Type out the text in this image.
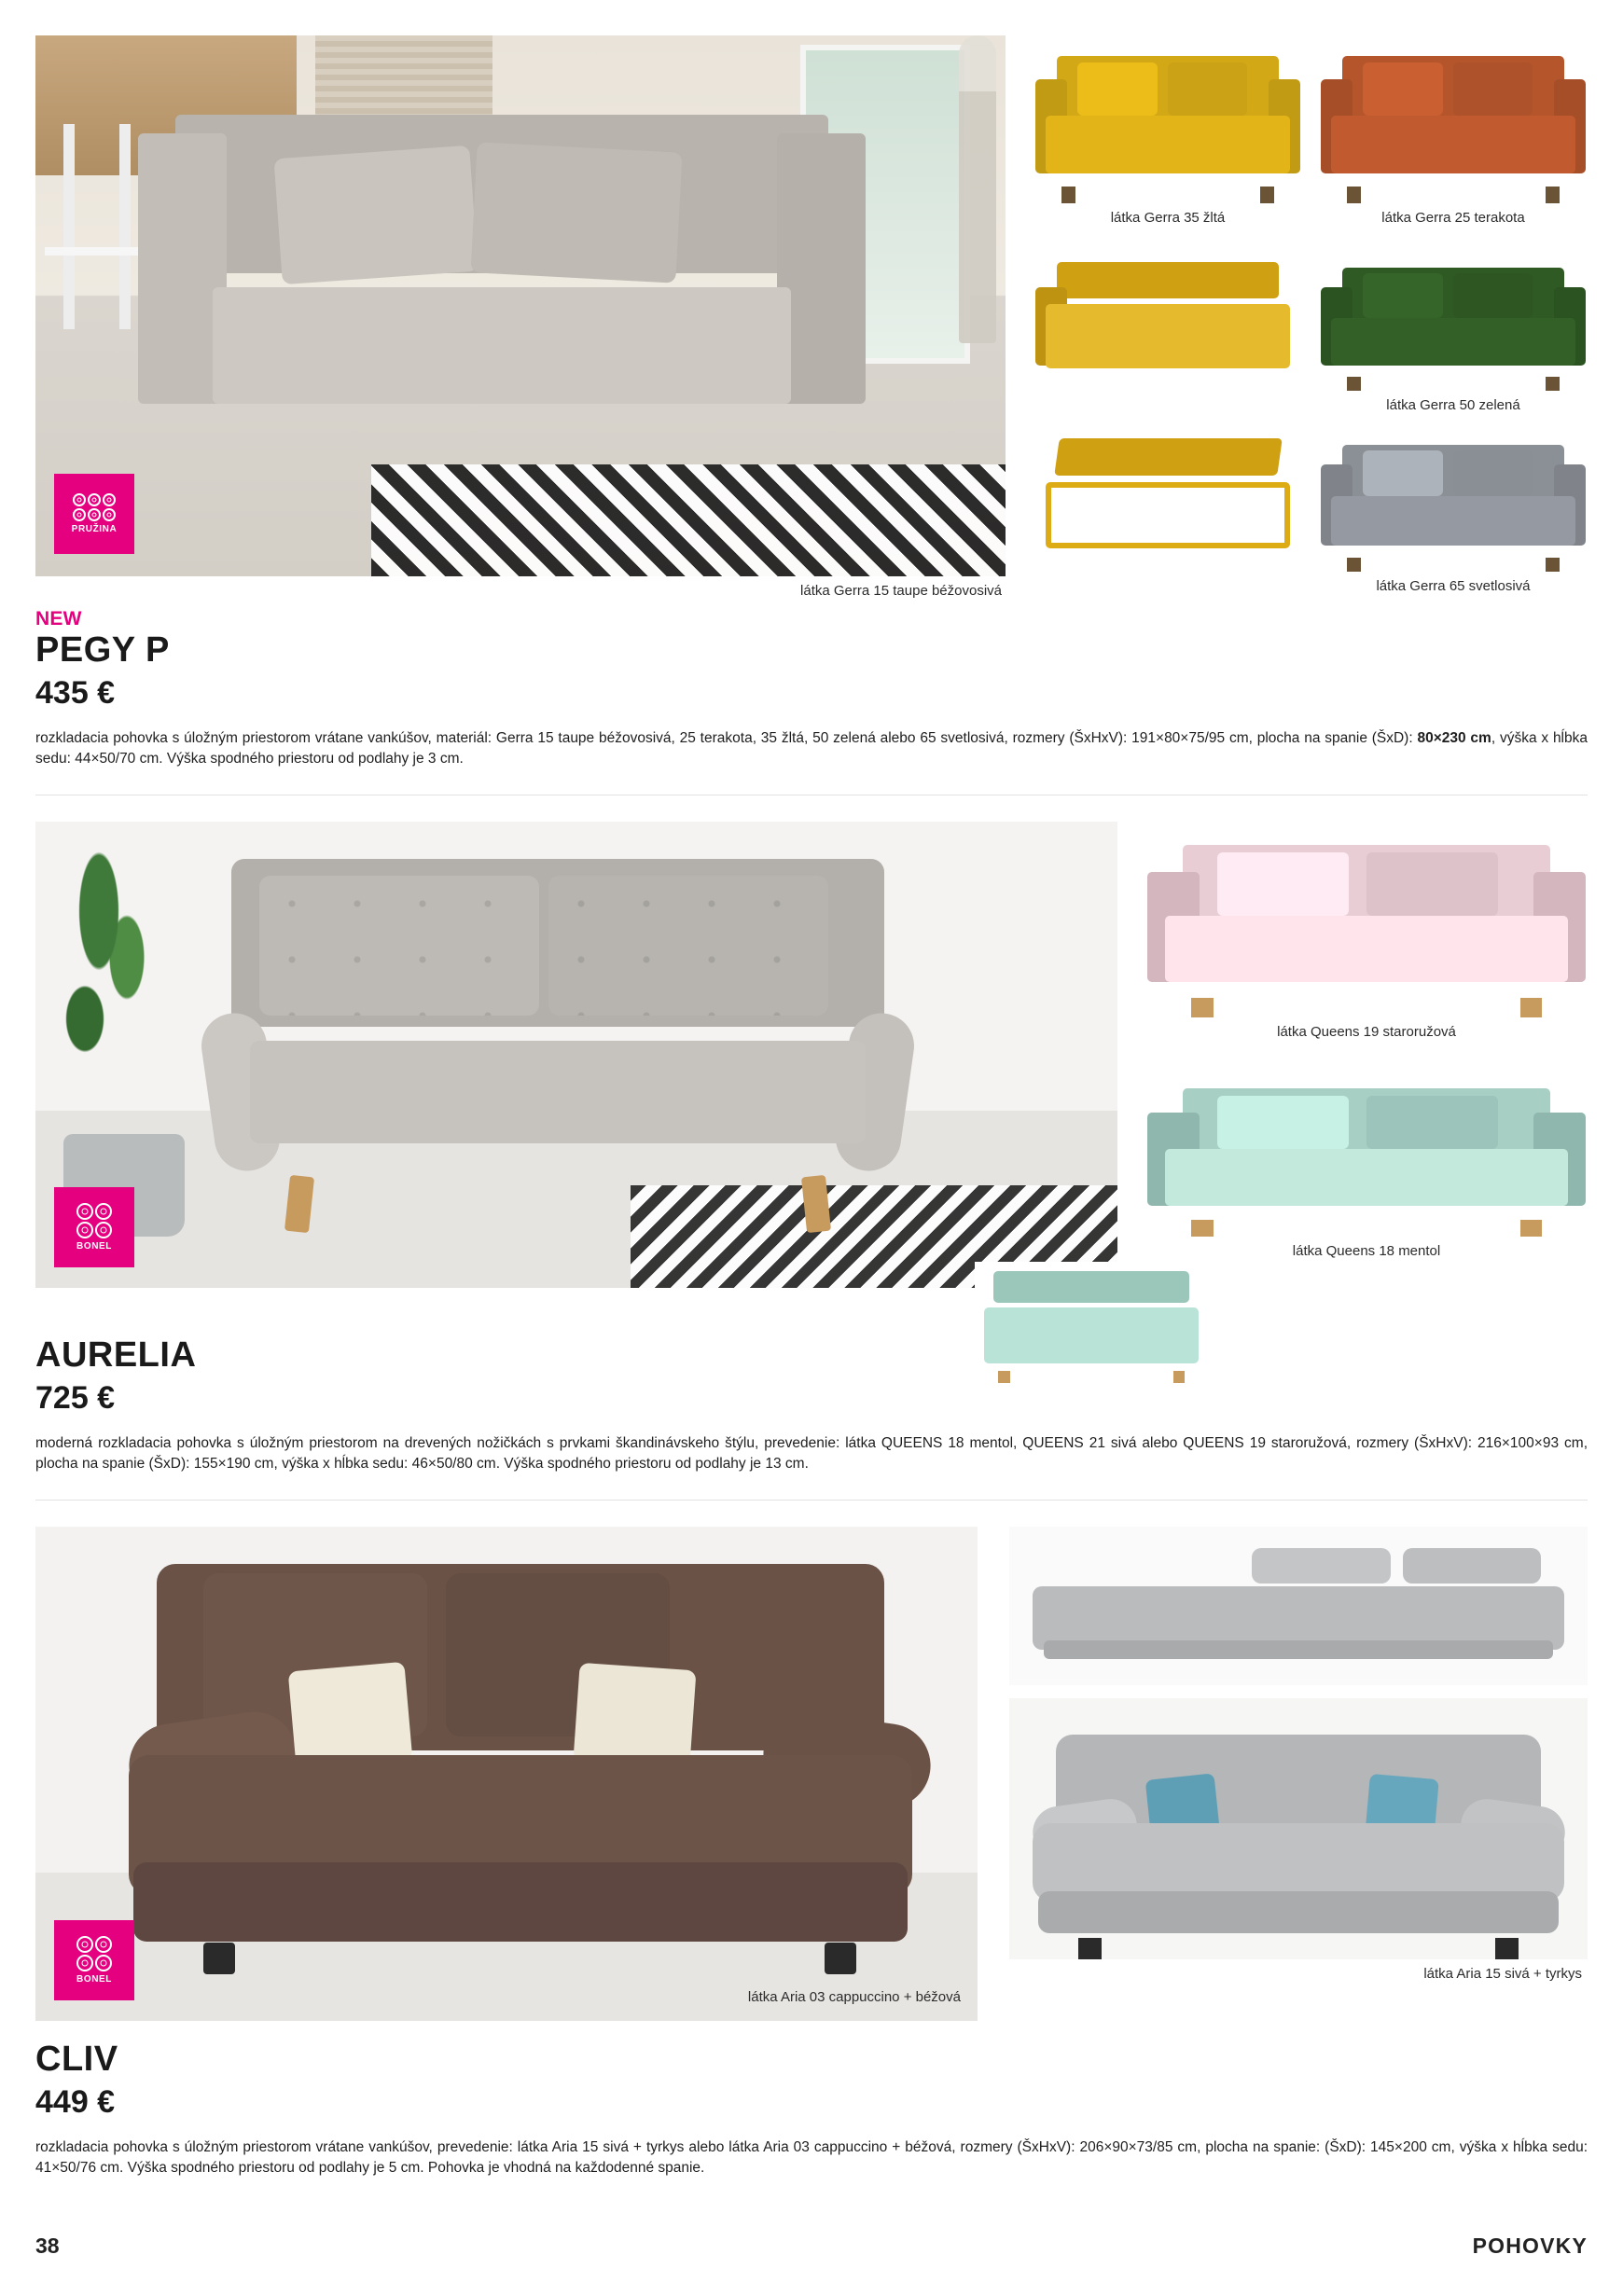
PRUŽINA
látka Gerra 15 taupe béžovosivá
látka Gerra 35 žltá	látka Gerra 25 terakota
látka Gerra 50 zelená
látka Gerra 65 svetlosivá
NEW
PEGY P
435 €
rozkladacia pohovka s úložným priestorom vrátane vankúšov, materiál: Gerra 15 taupe béžovosivá, 25 terakota, 35 žltá, 50 zelená alebo 65 svetlosivá, rozmery (ŠxHxV): 191×80×75/95 cm, plocha na spanie (ŠxD): 80×230 cm, výška x hĺbka sedu: 44×50/70 cm. Výška spodného priestoru od podlahy je 3 cm.
BONEL
látka Queens 19 staroružová
látka Queens 18 mentol
AURELIA
725 €
moderná rozkladacia pohovka s úložným priestorom na drevených nožičkách s prvkami škandinávskeho štýlu, prevedenie: látka QUEENS 18 mentol, QUEENS 21 sivá alebo QUEENS 19 staroružová, rozmery (ŠxHxV): 216×100×93 cm, plocha na spanie (ŠxD): 155×190 cm, výška x hĺbka sedu: 46×50/80 cm. Výška spodného priestoru od podlahy je 13 cm.
BONEL
látka Aria 03 cappuccino + béžová
látka Aria 15 sivá + tyrkys
CLIV
449 €
rozkladacia pohovka s úložným priestorom vrátane vankúšov, prevedenie: látka Aria 15 sivá + tyrkys alebo látka Aria 03 cappuccino + béžová, rozmery (ŠxHxV): 206×90×73/85 cm, plocha na spanie: (ŠxD): 145×200 cm, výška x hĺbka sedu: 41×50/76 cm. Výška spodného priestoru od podlahy je 5 cm. Pohovka je vhodná na každodenné spanie.
38	POHOVKY
